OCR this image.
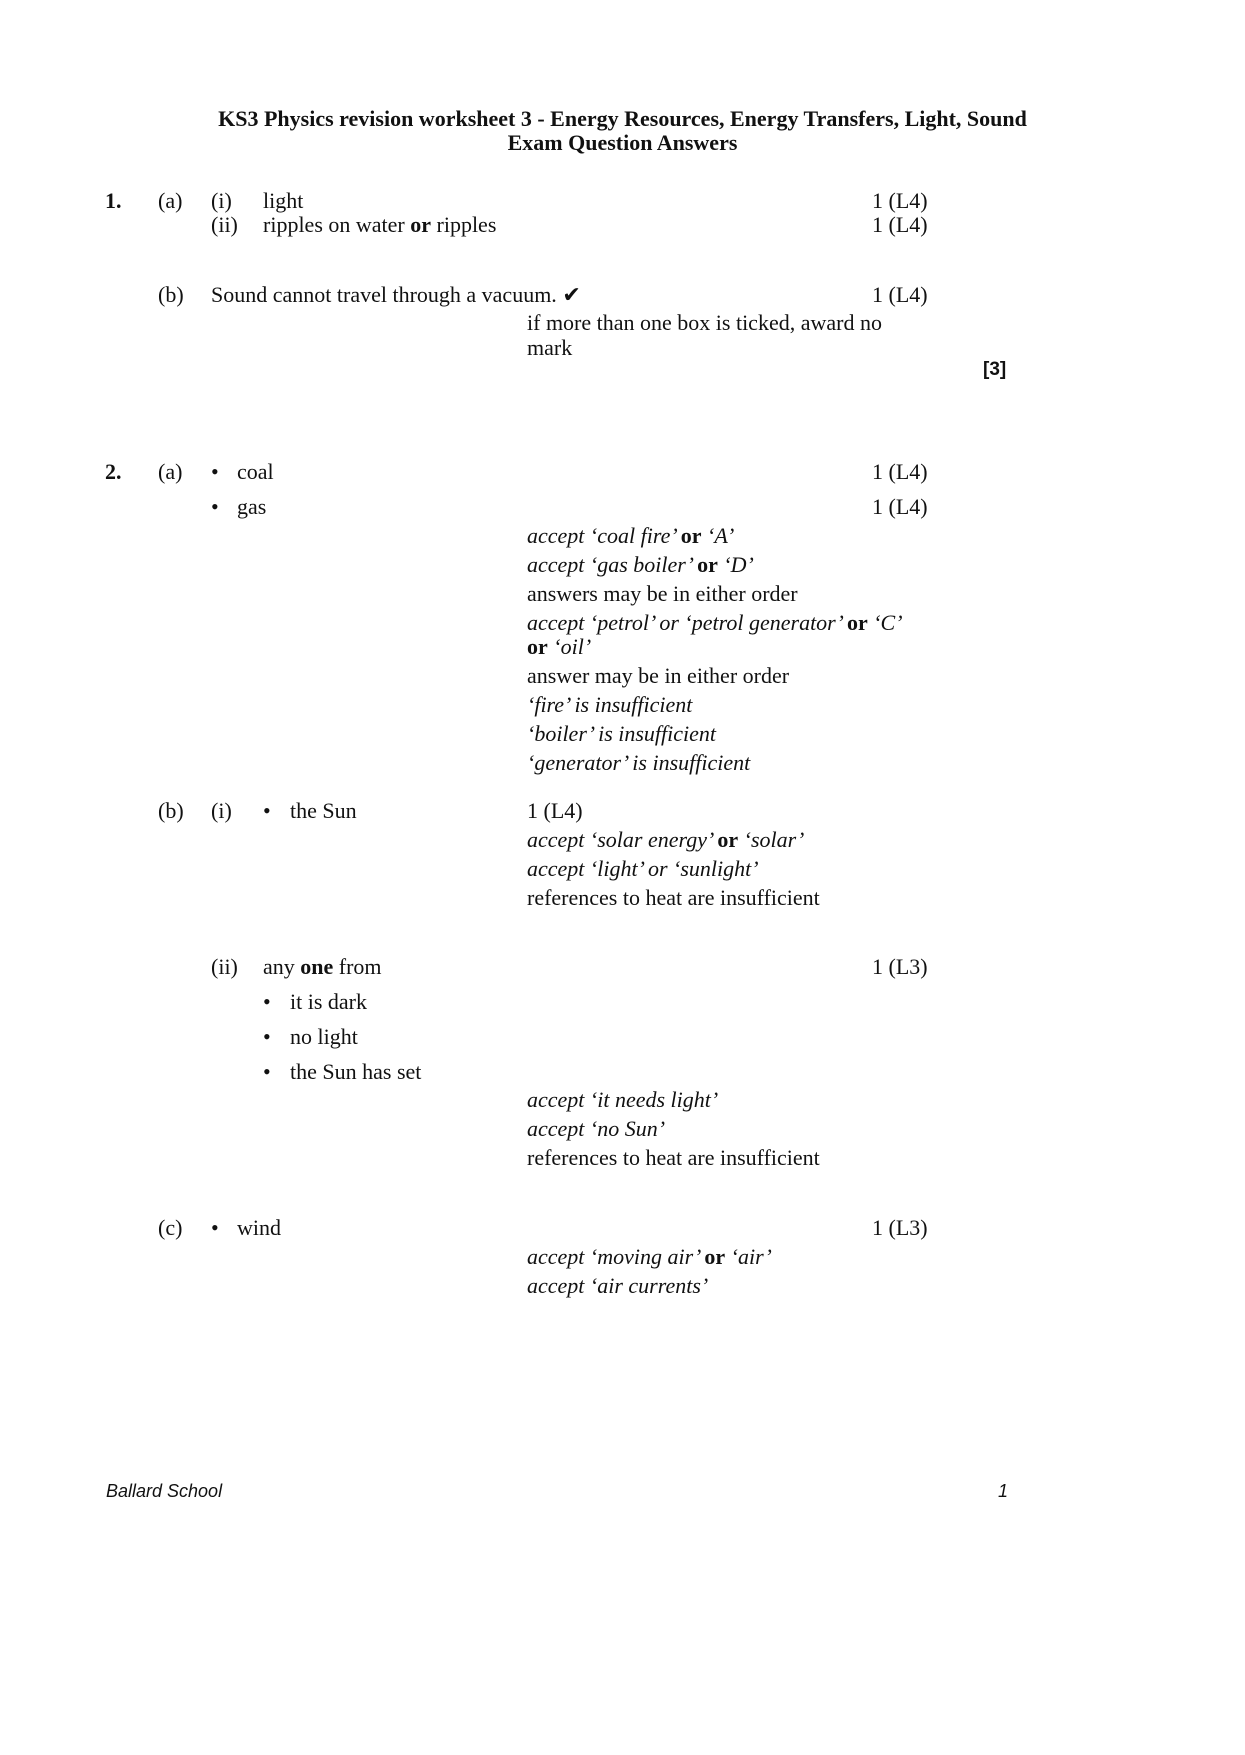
KS3 Physics revision worksheet 3 - Energy Resources, Energy Transfers, Light, Sound
Exam Question Answers
1. (a) (i) light	1 (L4)
(ii) ripples on water or ripples	1 (L4)
(b) Sound cannot travel through a vacuum. ✔	1 (L4)
if more than one box is ticked, award no
mark
[3]
2. (a) • coal	1 (L4)
• gas	1 (L4)
accept ‘coal fire’ or ‘A’
accept ‘gas boiler’ or ‘D’
answers may be in either order
accept ‘petrol’ or ‘petrol generator’ or ‘C’
or ‘oil’
answer may be in either order
‘fire’ is insufficient
‘boiler’ is insufficient
‘generator’ is insufficient
(b) (i) • the Sun	1 (L4)
accept ‘solar energy’ or ‘solar’
accept ‘light’ or ‘sunlight’
references to heat are insufficient
(ii) any one from	1 (L3)
• it is dark
• no light
• the Sun has set
accept ‘it needs light’
accept ‘no Sun’
references to heat are insufficient
(c) • wind	1 (L3)
accept ‘moving air’ or ‘air’
accept ‘air currents’
Ballard School	1
